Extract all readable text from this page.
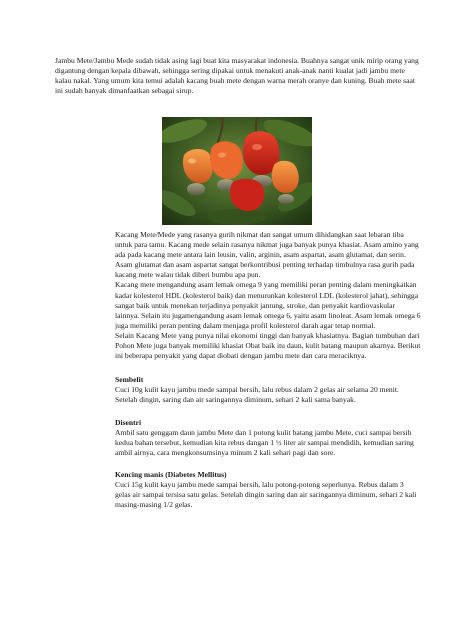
Jambu Mete/Jambu Mede sudah tidak asing lagi buat kita masyarakat indonesia. Buahnya sangat unik mirip orang yang digantung dengan kepala dibawah, sehingga sering dipakai untuk menakuti anak-anak nanti kualat jadi jambu mete kalau nakal. Yang umum kita temui adalah kacang buah mete dengan warna merah oranye dan kuning. Buah mete saat ini sudah banyak dimanfaatkan sebagai sirup.

Kacang Mete/Mede yang rasanya gurih nikmat dan sangat umum dihidangkan saat lebaran tiba untuk para tamu. Kacang mede selain rasanya nikmat juga banyak punya khasiat. Asam amino yang ada pada kacang mete antara lain leusin, valin, arginin, asam aspartat, asam glutamat, dan serin. Asam glutamat dan asam aspartat sangat berkontribusi penting terhadap timbulnya rasa gurih pada kacang mete walau tidak diberi bumbu apa pun.

Kacang mete mengandung asam lemak omega 9 yang memiliki peran penting dalam meningkatkan kadar kolesterol HDL (kolesterol baik) dan menurunkan kolesterol LDL (kolesterol jahat), sehingga sangat baik untuk menekan terjadinya penyakit jantung, stroke, dan penyakit kardiovaskular lainnya. Selain itu jugamengandung asam lemak omega 6, yaitu asam linoleat. Asam lemak omega 6 juga memiliki peran penting dalam menjaga profil kolesterol darah agar tetap normal.

Selain Kacang Mete yang punya nilai ekonomi tinggi dan banyak khasiatnya. Bagian tumbuhan dari Pohon Mete juga banyak memiliki khasiat Obat baik itu daun, kulit batang maupun akarnya. Berikut ini beberapa penyakit yang dapat diobati dengan jambu mete dan cara meraciknya.

Sembelit

Cuci 10g kulit kayu jambu mede sampai bersih, lalu rebus dalam 2 gelas air selama 20 menit. Setelah dingin, saring dan air saringannya diminum, sehari 2 kali sama banyak.

Disentri

Ambil satu genggam daun jambu Mete dan 1 potong kulit batang jambu Mete, cuci sampai bersih kedua bahan tersebut, kemudian kita rebus dangan 1 ½ liter air sampai mendidih, kemudian saring ambil airnya, cara mengkonsumsinya minum 2 kali sehari pagi dan sore.

Kencing manis (Diabetes Mellitus)

Cuci 15g kulit kayu jambu mede sampai bersih, lalu potong-potong seperlunya. Rebus dalam 3 gelas air sampai tersisa satu gelas. Setelah dingin saring dan air saringannya diminum, sehari 2 kali masing-masing 1/2 gelas.
